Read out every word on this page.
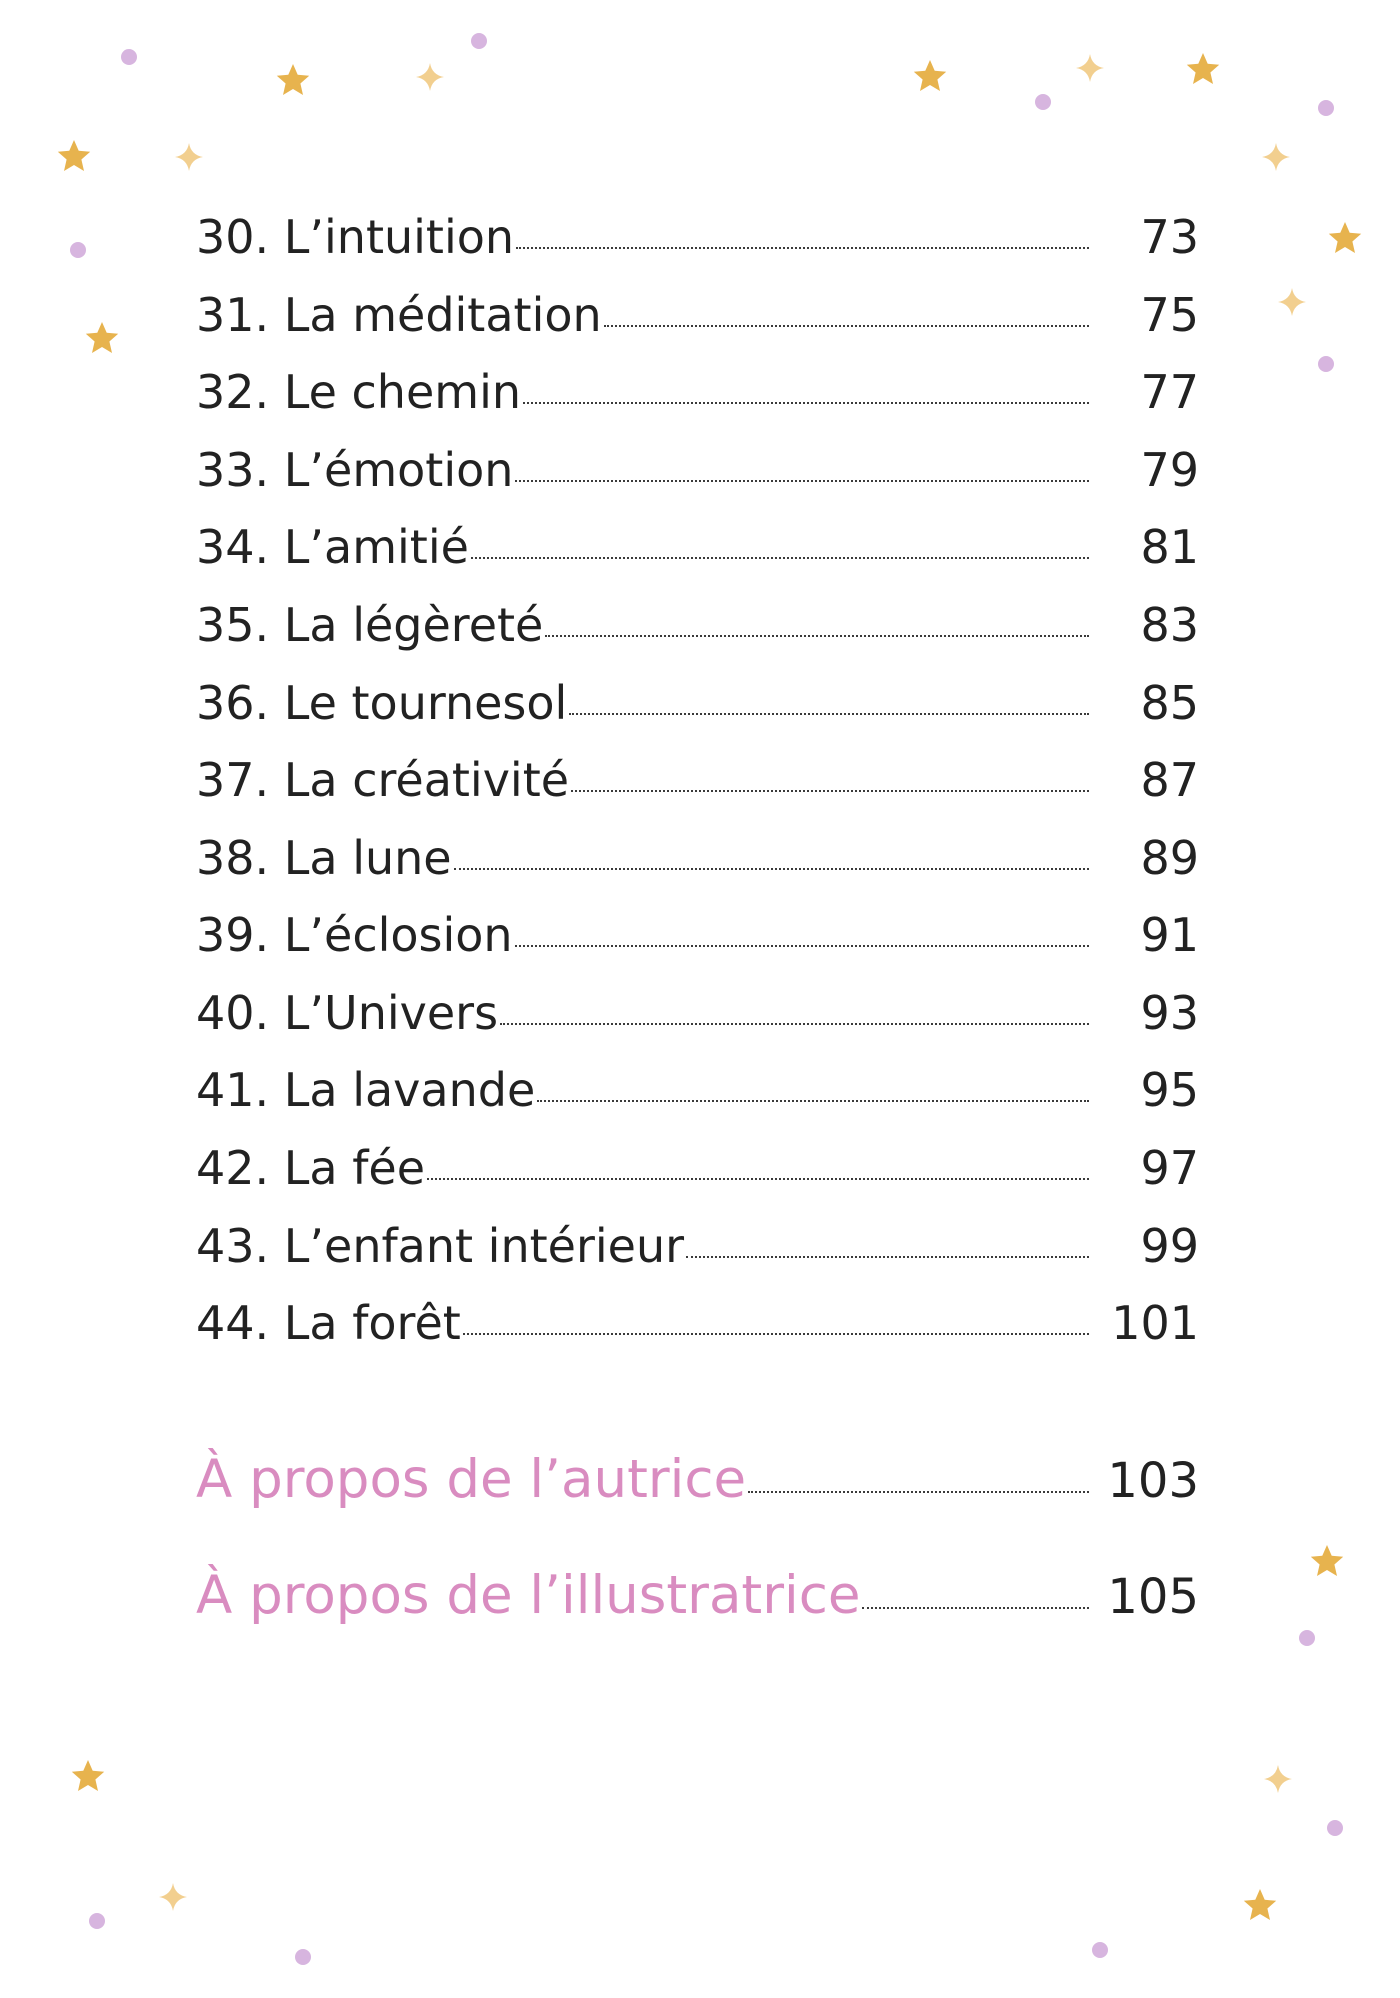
30. L’intuition	73
31. La méditation	75
32. Le chemin	77
33. L’émotion	79
34. L’amitié	81
35. La légèreté	83
36. Le tournesol	85
37. La créativité	87
38. La lune	89
39. L’éclosion	91
40. L’Univers	93
41. La lavande	95
42. La fée	97
43. L’enfant intérieur	99
44. La forêt	101
À propos de l’autrice	103
À propos de l’illustratrice	105
